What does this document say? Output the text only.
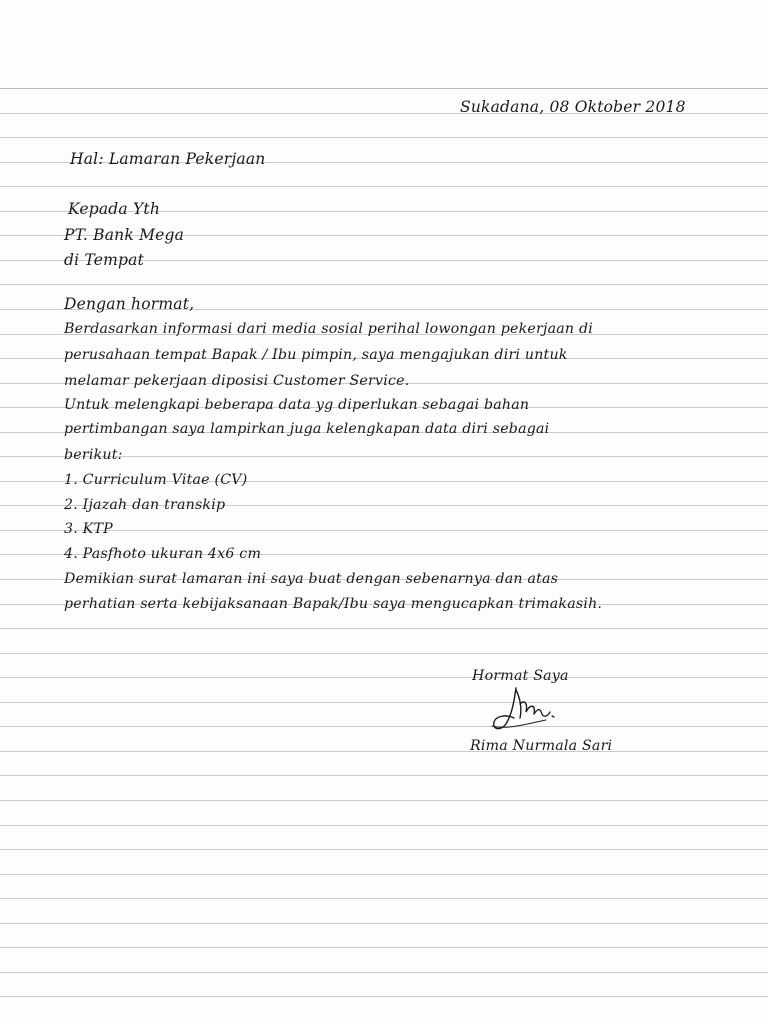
Sukadana, 08 Oktober 2018
Hal: Lamaran Pekerjaan
Kepada Yth
PT. Bank Mega
di Tempat
Dengan hormat,
Berdasarkan informasi dari media sosial perihal lowongan pekerjaan di
perusahaan tempat Bapak / Ibu pimpin, saya mengajukan diri untuk
melamar pekerjaan diposisi Customer Service.
Untuk melengkapi beberapa data yg diperlukan sebagai bahan
pertimbangan saya lampirkan juga kelengkapan data diri sebagai
berikut:
1. Curriculum Vitae (CV)
2. Ijazah dan transkip
3. KTP
4. Pasfhoto ukuran 4x6 cm
Demikian surat lamaran ini saya buat dengan sebenarnya dan atas
perhatian serta kebijaksanaan Bapak/Ibu saya mengucapkan trimakasih.
Hormat Saya
Rima Nurmala Sari
